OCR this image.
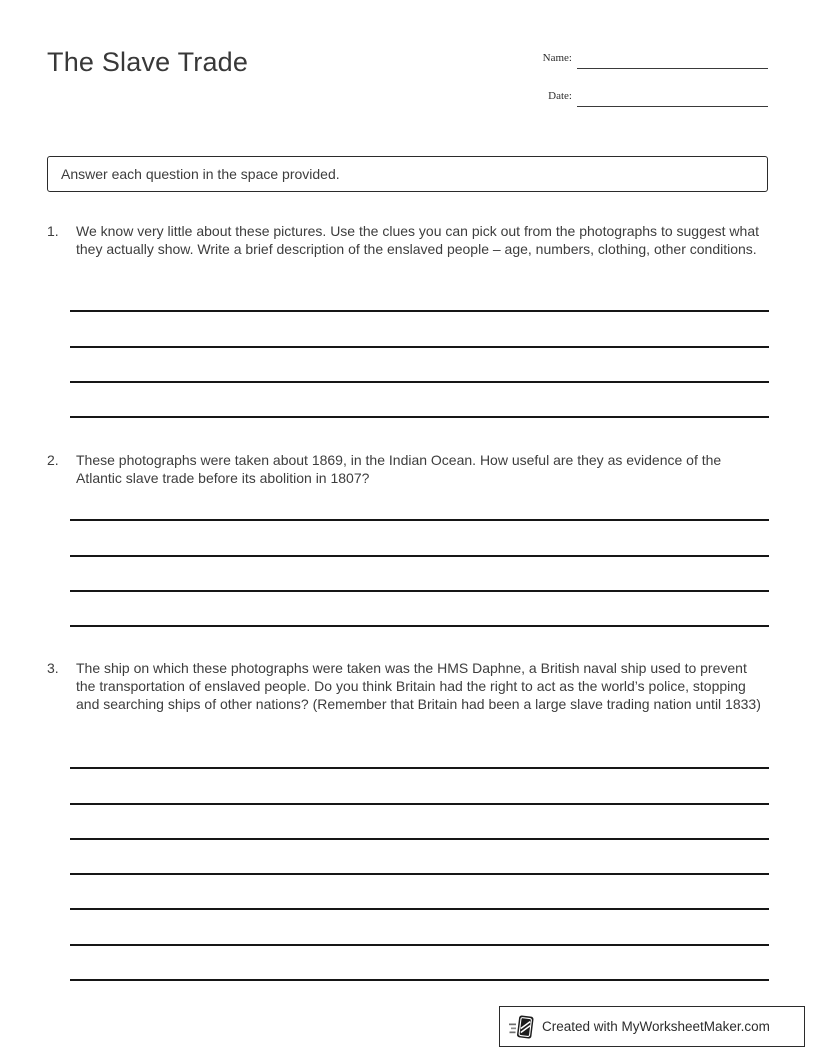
The Slave Trade	Name:
Date:
Answer each question in the space provided.
1.	We know very little about these pictures. Use the clues you can pick out from the photographs to suggest what they actually show. Write a brief description of the enslaved people – age, numbers, clothing, other conditions.

2.	These photographs were taken about 1869, in the Indian Ocean. How useful are they as evidence of the Atlantic slave trade before its abolition in 1807?

3.	The ship on which these photographs were taken was the HMS Daphne, a British naval ship used to prevent the transportation of enslaved people. Do you think Britain had the right to act as the world’s police, stopping and searching ships of other nations? (Remember that Britain had been a large slave trading nation until 1833)

Created with MyWorksheetMaker.com
